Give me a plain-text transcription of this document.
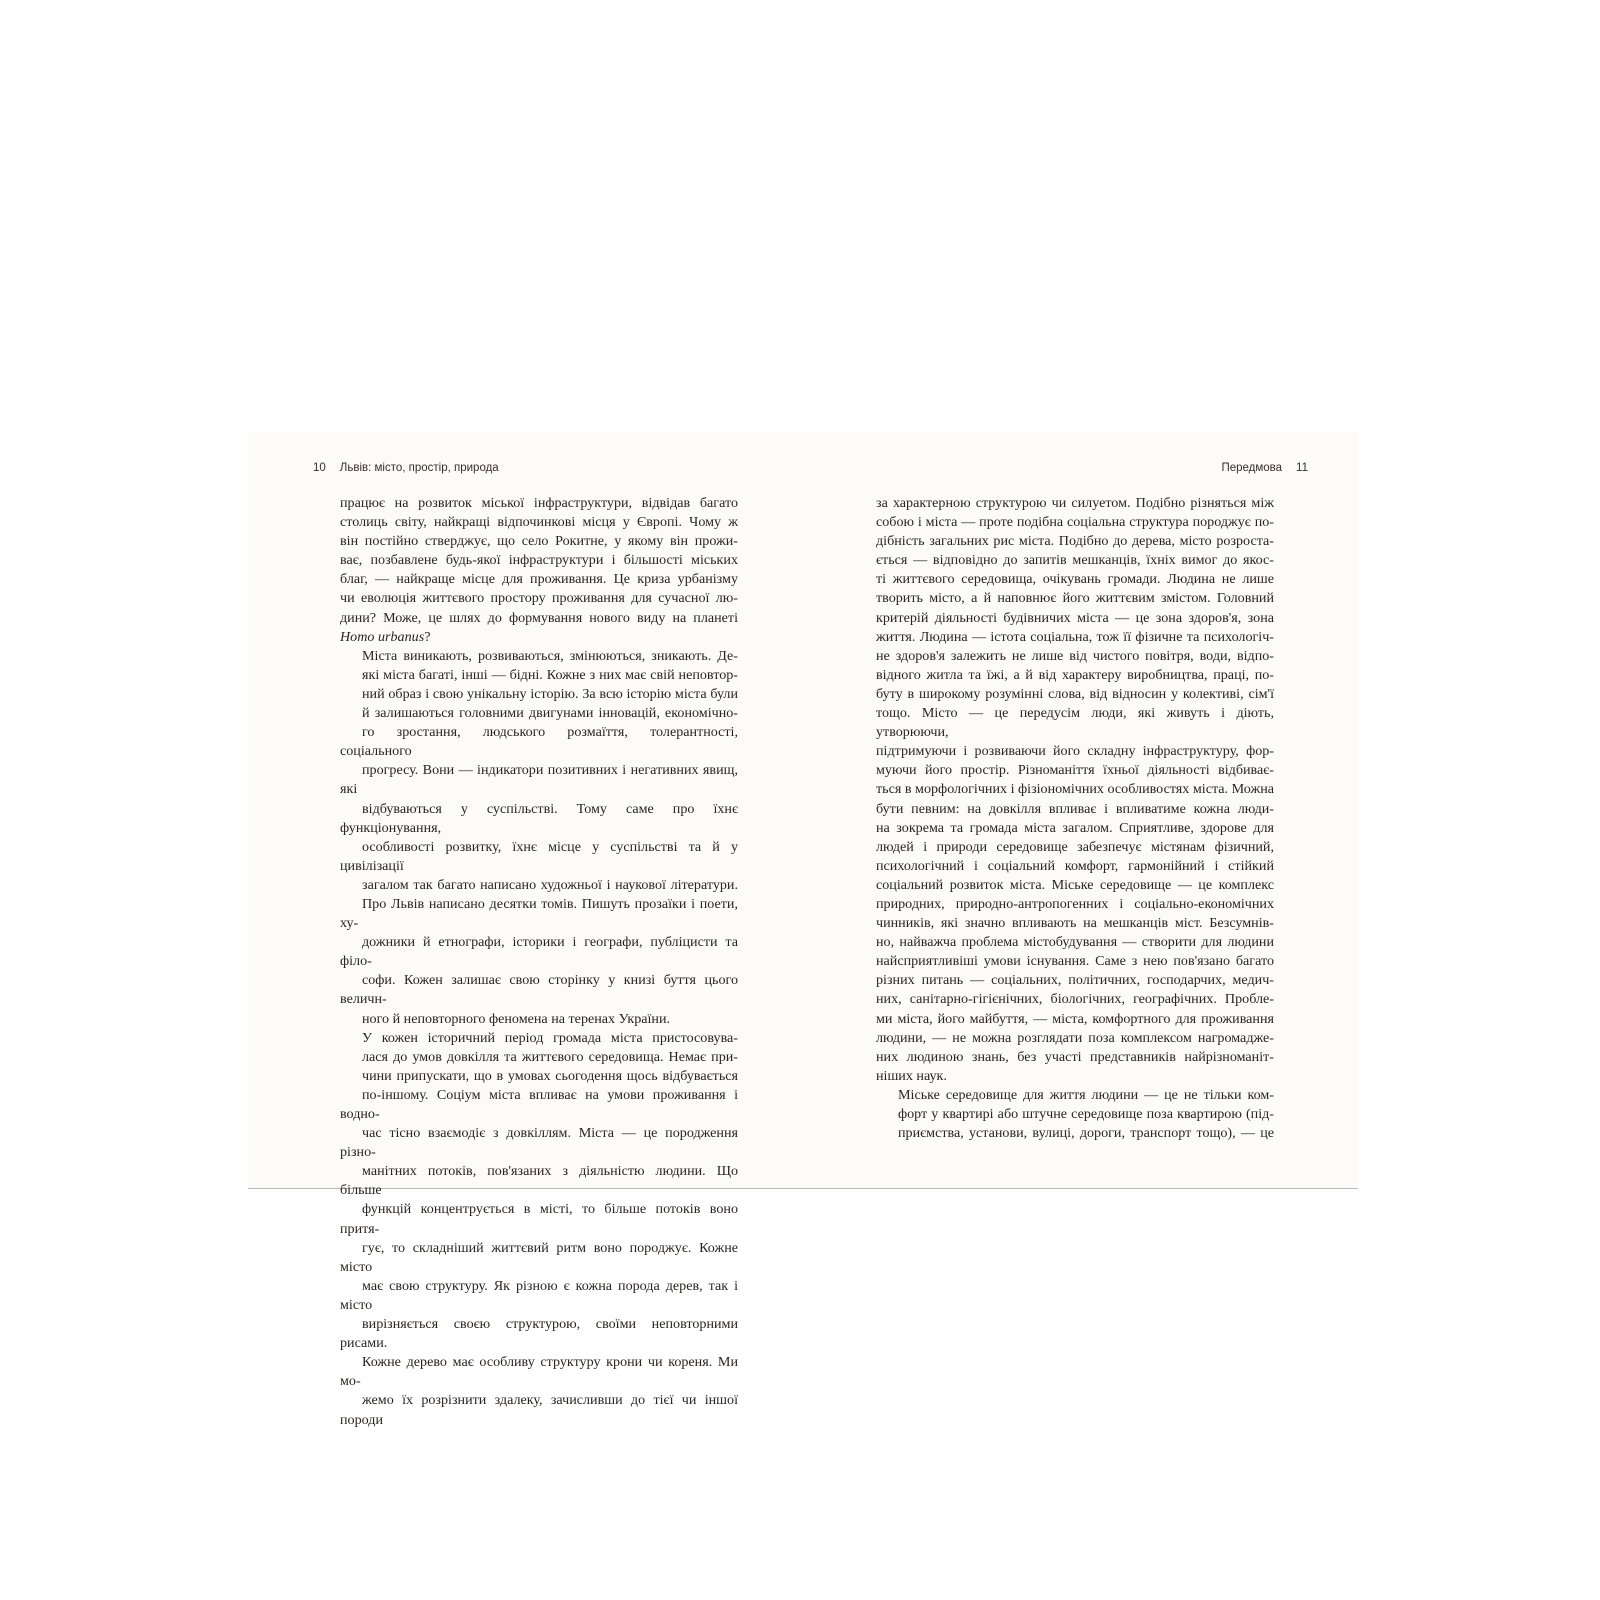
10 Львів: місто, простір, природа	Передмова 11

працює на розвиток міської інфраструктури, відвідав багато
столиць світу, найкращі відпочинкові місця у Європі. Чому ж
він постійно стверджує, що село Рокитне, у якому він прожи-
ває, позбавлене будь-якої інфраструктури і більшості міських
благ, — найкраще місце для проживання. Це криза урбанізму
чи еволюція життєвого простору проживання для сучасної лю-
дини? Може, це шлях до формування нового виду на планеті
Homo urbanus?

Міста виникають, розвиваються, змінюються, зникають. Де-
які міста багаті, інші — бідні. Кожне з них має свій неповтор-
ний образ і свою унікальну історію. За всю історію міста були
й залишаються головними двигунами інновацій, економічно-
го зростання, людського розмаїття, толерантності, соціального
прогресу. Вони — індикатори позитивних і негативних явищ, які
відбуваються у суспільстві. Тому саме про їхнє функціонування,
особливості розвитку, їхнє місце у суспільстві та й у цивілізації
загалом так багато написано художньої і наукової літератури.
Про Львів написано десятки томів. Пишуть прозаїки і поети, ху-
дожники й етнографи, історики і географи, публіцисти та філо-
софи. Кожен залишає свою сторінку у книзі буття цього величн-
ного й неповторного феномена на теренах України.

У кожен історичний період громада міста пристосовува-
лася до умов довкілля та життєвого середовища. Немає при-
чини припускати, що в умовах сьогодення щось відбувається
по-іншому. Соціум міста впливає на умови проживання і водно-
час тісно взаємодіє з довкіллям. Міста — це породження різно-
манітних потоків, пов'язаних з діяльністю людини. Що більше
функцій концентрується в місті, то більше потоків воно притя-
гує, то складніший життєвий ритм воно породжує. Кожне місто
має свою структуру. Як різною є кожна порода дерев, так і місто
вирізняється своєю структурою, своїми неповторними рисами.
Кожне дерево має особливу структуру крони чи кореня. Ми мо-
жемо їх розрізнити здалеку, зачисливши до тієї чи іншої породи

за характерною структурою чи силуетом. Подібно різняться між
собою і міста — проте подібна соціальна структура породжує по-
дібність загальних рис міста. Подібно до дерева, місто розроста-
ється — відповідно до запитів мешканців, їхніх вимог до якос-
ті життєвого середовища, очікувань громади. Людина не лише
творить місто, а й наповнює його життєвим змістом. Головний
критерій діяльності будівничих міста — це зона здоров'я, зона
життя. Людина — істота соціальна, тож її фізичне та психологіч-
не здоров'я залежить не лише від чистого повітря, води, відпо-
відного житла та їжі, а й від характеру виробництва, праці, по-
буту в широкому розумінні слова, від відносин у колективі, сім'ї
тощо. Місто — це передусім люди, які живуть і діють, утворюючи,
підтримуючи і розвиваючи його складну інфраструктуру, фор-
муючи його простір. Різноманіття їхньої діяльності відбиває-
ться в морфологічних і фізіономічних особливостях міста. Можна
бути певним: на довкілля впливає і впливатиме кожна люди-
на зокрема та громада міста загалом. Сприятливе, здорове для
людей і природи середовище забезпечує містянам фізичний,
психологічний і соціальний комфорт, гармонійний і стійкий
соціальний розвиток міста. Міське середовище — це комплекс
природних, природно-антропогенних і соціально-економічних
чинників, які значно впливають на мешканців міст. Безсумнів-
но, найважча проблема містобудування — створити для людини
найсприятливіші умови існування. Саме з нею пов'язано багато
різних питань — соціальних, політичних, господарчих, медич-
них, санітарно-гігієнічних, біологічних, географічних. Пробле-
ми міста, його майбуття, — міста, комфортного для проживання
людини, — не можна розглядати поза комплексом нагромадже-
них людиною знань, без участі представників найрізноманіт-
ніших наук.

Міське середовище для життя людини — це не тільки ком-
форт у квартирі або штучне середовище поза квартирою (під-
приємства, установи, вулиці, дороги, транспорт тощо), — це
